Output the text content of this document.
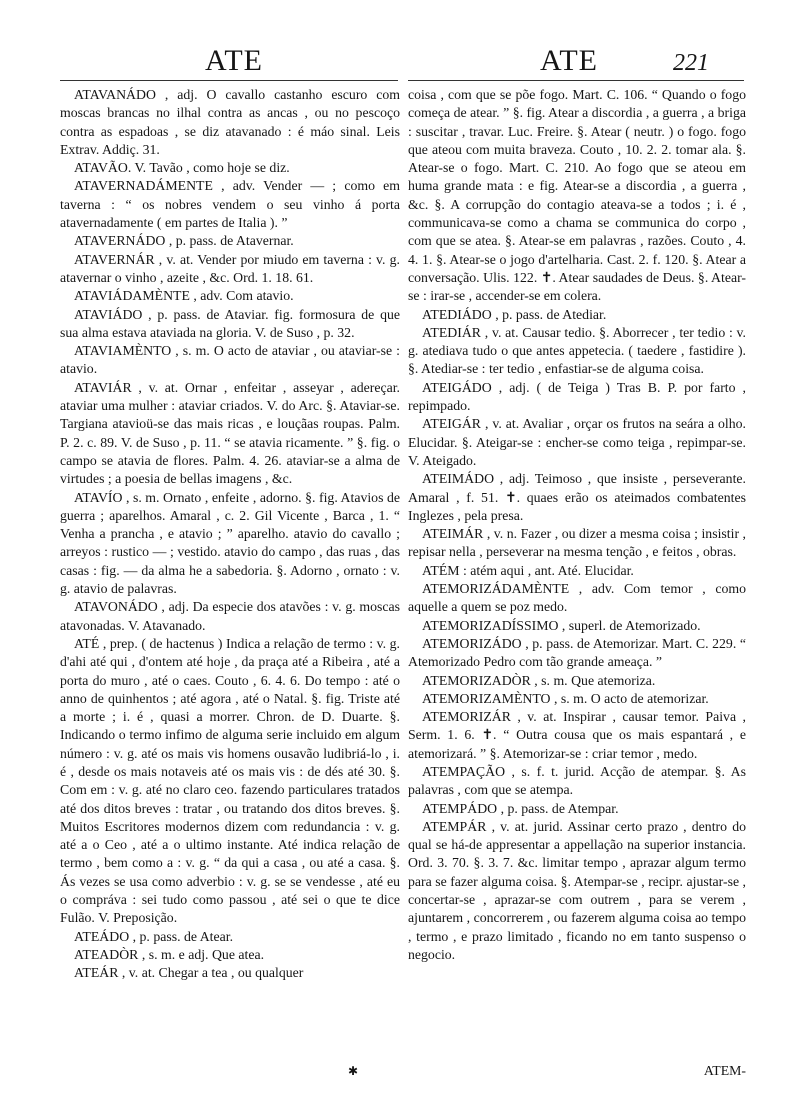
ATE	ATE	221

ATAVANÁDO , adj. O cavallo castanho escuro com moscas brancas no ilhal contra as ancas , ou no pescoço contra as espadoas , se diz atavanado : é máo sinal. Leis Extrav. Addiç. 31.

ATAVÃO. V. Tavão , como hoje se diz.

ATAVERNADÁMENTE , adv. Vender — ; como em taverna : “ os nobres vendem o seu vinho á porta atavernadamente ( em partes de Italia ). ”

ATAVERNÁDO , p. pass. de Atavernar.

ATAVERNÁR , v. at. Vender por miudo em taverna : v. g. atavernar o vinho , azeite , &c. Ord. 1. 18. 61.

ATAVIÁDAMÈNTE , adv. Com atavio.

ATAVIÁDO , p. pass. de Ataviar. fig. formosura de que sua alma estava ataviada na gloria. V. de Suso , p. 32.

ATAVIAMÈNTO , s. m. O acto de ataviar , ou ataviar-se : atavio.

ATAVIÁR , v. at. Ornar , enfeitar , asseyar , adereçar. ataviar uma mulher : ataviar criados. V. do Arc. §. Ataviar-se. Targiana atavioü-se das mais ricas , e louçãas roupas. Palm. P. 2. c. 89. V. de Suso , p. 11. “ se atavia ricamente. ” §. fig. o campo se atavia de flores. Palm. 4. 26. ataviar-se a alma de virtudes ; a poesia de bellas imagens , &c.

ATAVÍO , s. m. Ornato , enfeite , adorno. §. fig. Atavios de guerra ; aparelhos. Amaral , c. 2. Gil Vicente , Barca , 1. “ Venha a prancha , e atavio ; ” aparelho. atavio do cavallo ; arreyos : rustico — ; vestido. atavio do campo , das ruas , das casas : fig. — da alma he a sabedoria. §. Adorno , ornato : v. g. atavio de palavras.

ATAVONÁDO , adj. Da especie dos atavões : v. g. moscas atavonadas. V. Atavanado.

ATÉ , prep. ( de hactenus ) Indica a relação de termo : v. g. d'ahi até qui , d'ontem até hoje , da praça até a Ribeira , até a porta do muro , até o caes. Couto , 6. 4. 6. Do tempo : até o anno de quinhentos ; até agora , até o Natal. §. fig. Triste até a morte ; i. é , quasi a morrer. Chron. de D. Duarte. §. Indicando o termo infimo de alguma serie incluido em algum número : v. g. até os mais vis homens ousavão ludibriá-lo , i. é , desde os mais notaveis até os mais vis : de dés até 30. §. Com em : v. g. até no claro ceo. fazendo particulares tratados até dos ditos breves : tratar , ou tratando dos ditos breves. §. Muitos Escritores modernos dizem com redundancia : v. g. até a o Ceo , até a o ultimo instante. Até indica relação de termo , bem como a : v. g. “ da qui a casa , ou até a casa. §. Ás vezes se usa como adverbio : v. g. se se vendesse , até eu o compráva : sei tudo como passou , até sei o que te dice Fulão. V. Preposição.

ATEÁDO , p. pass. de Atear.

ATEADÒR , s. m. e adj. Que atea.

ATEÁR , v. at. Chegar a tea , ou qualquer

coisa , com que se põe fogo. Mart. C. 106. “ Quando o fogo começa de atear. ” §. fig. Atear a discordia , a guerra , a briga : suscitar , travar. Luc. Freire. §. Atear ( neutr. ) o fogo. fogo que ateou com muita braveza. Couto , 10. 2. 2. tomar ala. §. Atear-se o fogo. Mart. C. 210. Ao fogo que se ateou em huma grande mata : e fig. Atear-se a discordia , a guerra , &c. §. A corrupção do contagio ateava-se a todos ; i. é , communicava-se como a chama se communica do corpo , com que se atea. §. Atear-se em palavras , razões. Couto , 4. 4. 1. §. Atear-se o jogo d'artelharia. Cast. 2. f. 120. §. Atear a conversação. Ulis. 122. ✝. Atear saudades de Deus. §. Atear-se : irar-se , accender-se em colera.

ATEDIÁDO , p. pass. de Atediar.

ATEDIÁR , v. at. Causar tedio. §. Aborrecer , ter tedio : v. g. atediava tudo o que antes appetecia. ( taedere , fastidire ). §. Atediar-se : ter tedio , enfastiar-se de alguma coisa.

ATEIGÁDO , adj. ( de Teiga ) Tras B. P. por farto , repimpado.

ATEIGÁR , v. at. Avaliar , orçar os frutos na seára a olho. Elucidar. §. Ateigar-se : encher-se como teiga , repimpar-se. V. Ateigado.

ATEIMÁDO , adj. Teimoso , que insiste , perseverante. Amaral , f. 51. ✝. quaes erão os ateimados combatentes Inglezes , pela presa.

ATEIMÁR , v. n. Fazer , ou dizer a mesma coisa ; insistir , repisar nella , perseverar na mesma tenção , e feitos , obras.

ATÉM : atém aqui , ant. Até. Elucidar.

ATEMORIZÁDAMÈNTE , adv. Com temor , como aquelle a quem se poz medo.

ATEMORIZADÍSSIMO , superl. de Atemorizado.

ATEMORIZÁDO , p. pass. de Atemorizar. Mart. C. 229. “ Atemorizado Pedro com tão grande ameaça. ”

ATEMORIZADÒR , s. m. Que atemoriza.

ATEMORIZAMÈNTO , s. m. O acto de atemorizar.

ATEMORIZÁR , v. at. Inspirar , causar temor. Paiva , Serm. 1. 6. ✝. “ Outra cousa que os mais espantará , e atemorizará. ” §. Atemorizar-se : criar temor , medo.

ATEMPAÇÃO , s. f. t. jurid. Acção de atempar. §. As palavras , com que se atempa.

ATEMPÁDO , p. pass. de Atempar.

ATEMPÁR , v. at. jurid. Assinar certo prazo , dentro do qual se há-de appresentar a appellação na superior instancia. Ord. 3. 70. §. 3. 7. &c. limitar tempo , aprazar algum termo para se fazer alguma coisa. §. Atempar-se , recipr. ajustar-se , concertar-se , aprazar-se com outrem , para se verem , ajuntarem , concorrerem , ou fazerem alguma coisa ao tempo , termo , e prazo limitado , ficando no em tanto suspenso o negocio.

ATEM-
✱
